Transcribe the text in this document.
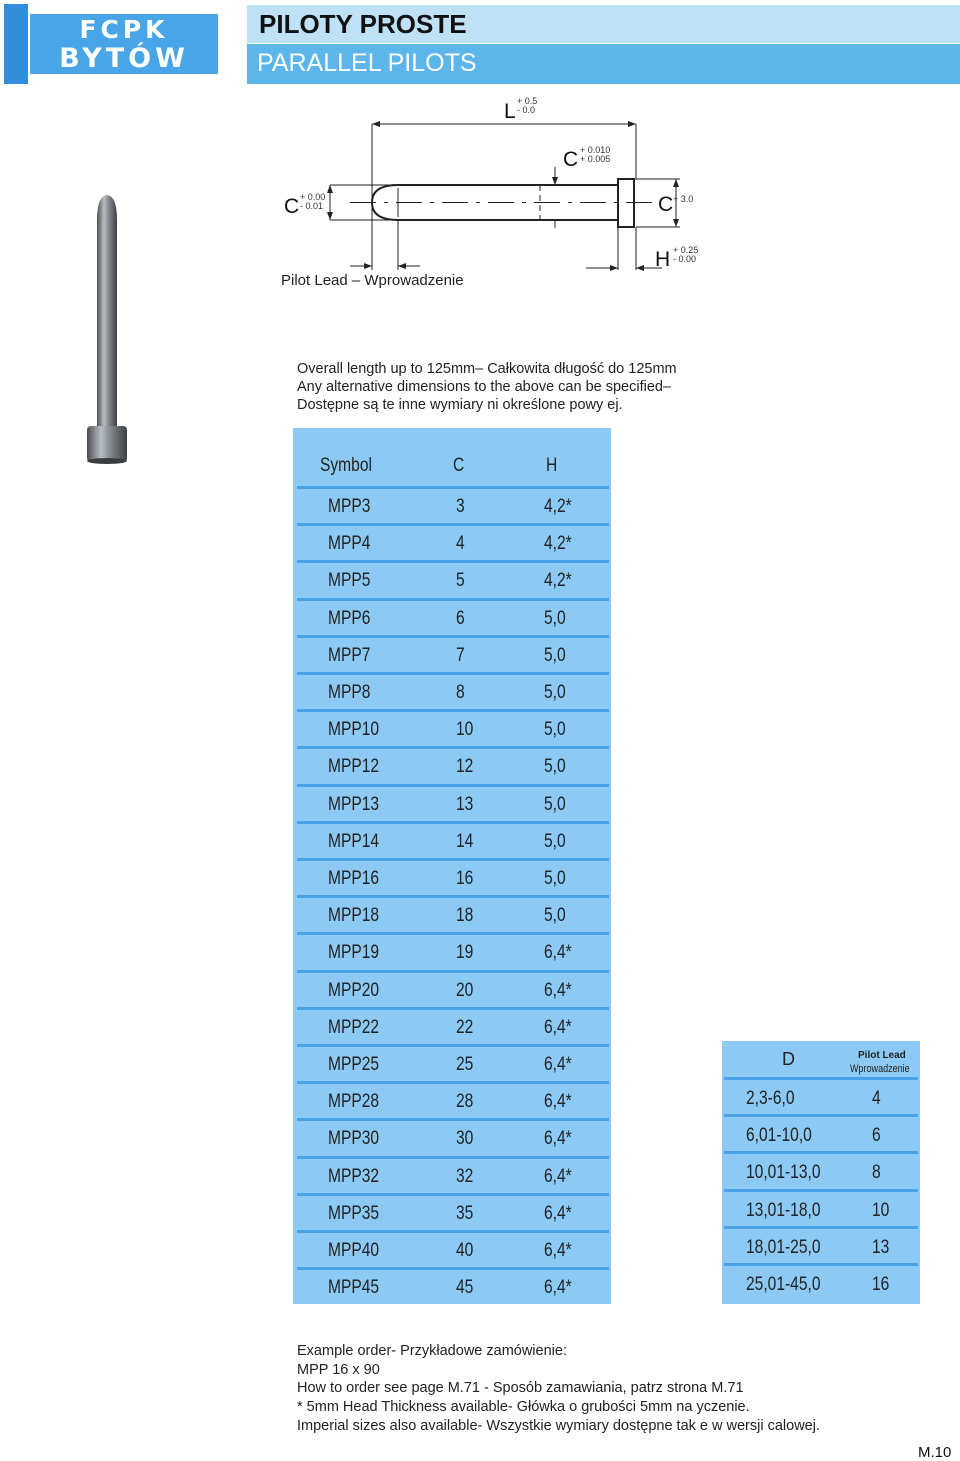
FCPK
BYTÓW
PILOTY PROSTE
PARALLEL PILOTS
L + 0.5
- 0.0
C + 0.010
+ 0.005
C + 0.00
- 0.01	C + 3.0
H + 0.25
- 0.00
Pilot Lead – Wprowadzenie
Overall length up to 125mm– Całkowita długość do 125mm
Any alternative dimensions to the above can be specified–
Dostępne są te inne wymiary ni określone powy ej.
Symbol	C	H
MPP3	3	4,2*
MPP4	4	4,2*
MPP5	5	4,2*
MPP6	6	5,0
MPP7	7	5,0
MPP8	8	5,0
MPP10	10	5,0
MPP12	12	5,0
MPP13	13	5,0
MPP14	14	5,0
MPP16	16	5,0
MPP18	18	5,0
MPP19	19	6,4*
MPP20	20	6,4*
MPP22	22	6,4*
MPP25	25	6,4*
MPP28	28	6,4*
MPP30	30	6,4*
MPP32	32	6,4*
MPP35	35	6,4*
MPP40	40	6,4*
MPP45	45	6,4*
D	Pilot Lead
Wprowadzenie
2,3-6,0	4
6,01-10,0	6
10,01-13,0	8
13,01-18,0	10
18,01-25,0	13
25,01-45,0	16
Example order- Przykładowe zamówienie:
MPP 16 x 90
How to order see page M.71 - Sposób zamawiania, patrz strona M.71
* 5mm Head Thickness available- Główka o grubości 5mm na yczenie.
Imperial sizes also available- Wszystkie wymiary dostępne tak e w wersji calowej.
M.10
